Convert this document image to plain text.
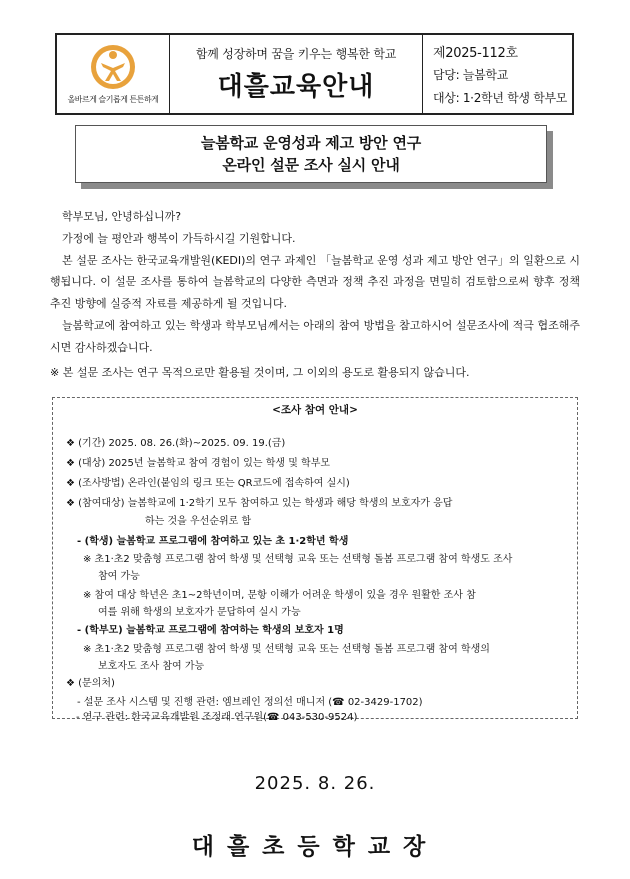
올바르게 슬기롭게 튼튼하게
함께 성장하며 꿈을 키우는 행복한 학교
대흘교육안내
제2025-112호
담당: 늘봄학교
대상: 1·2학년 학생 학부모
늘봄학교 운영성과 제고 방안 연구
온라인 설문 조사 실시 안내

학부모님, 안녕하십니까?

가정에 늘 평안과 행복이 가득하시길 기원합니다.

본 설문 조사는 한국교육개발원(KEDI)의 연구 과제인 「늘봄학교 운영 성과 제고 방안 연구」의 일환으로 시행됩니다. 이 설문 조사를 통하여 늘봄학교의 다양한 측면과 정책 추진 과정을 면밀히 검토함으로써 향후 정책 추진 방향에 실증적 자료를 제공하게 될 것입니다.

늘봄학교에 참여하고 있는 학생과 학부모님께서는 아래의 참여 방법을 참고하시어 설문조사에 적극 협조해주시면 감사하겠습니다.

※ 본 설문 조사는 연구 목적으로만 활용될 것이며, 그 이외의 용도로 활용되지 않습니다.

<조사 참여 안내>
❖ (기간) 2025. 08. 26.(화)~2025. 09. 19.(금)
❖ (대상) 2025년 늘봄학교 참여 경험이 있는 학생 및 학부모
❖ (조사방법) 온라인(붙임의 링크 또는 QR코드에 접속하여 실시)
❖ (참여대상) 늘봄학교에 1·2학기 모두 참여하고 있는 학생과 해당 학생의 보호자가 응답
하는 것을 우선순위로 함
- (학생) 늘봄학교 프로그램에 참여하고 있는 초 1·2학년 학생
※ 초1·초2 맞춤형 프로그램 참여 학생 및 선택형 교육 또는 선택형 돌봄 프로그램 참여 학생도 조사
참여 가능
※ 참여 대상 학년은 초1~2학년이며, 문항 이해가 어려운 학생이 있을 경우 원활한 조사 참
여를 위해 학생의 보호자가 문답하여 실시 가능
- (학부모) 늘봄학교 프로그램에 참여하는 학생의 보호자 1명
※ 초1·초2 맞춤형 프로그램 참여 학생 및 선택형 교육 또는 선택형 돌봄 프로그램 참여 학생의
보호자도 조사 참여 가능
❖ (문의처)
- 설문 조사 시스템 및 진행 관련: 엠브레인 정의선 매니저 (☎ 02-3429-1702)
- 연구 관련: 한국교육개발원 조정래 연구원(☎ 043-530-9524)
2025. 8. 26.
대흘초등학교장
